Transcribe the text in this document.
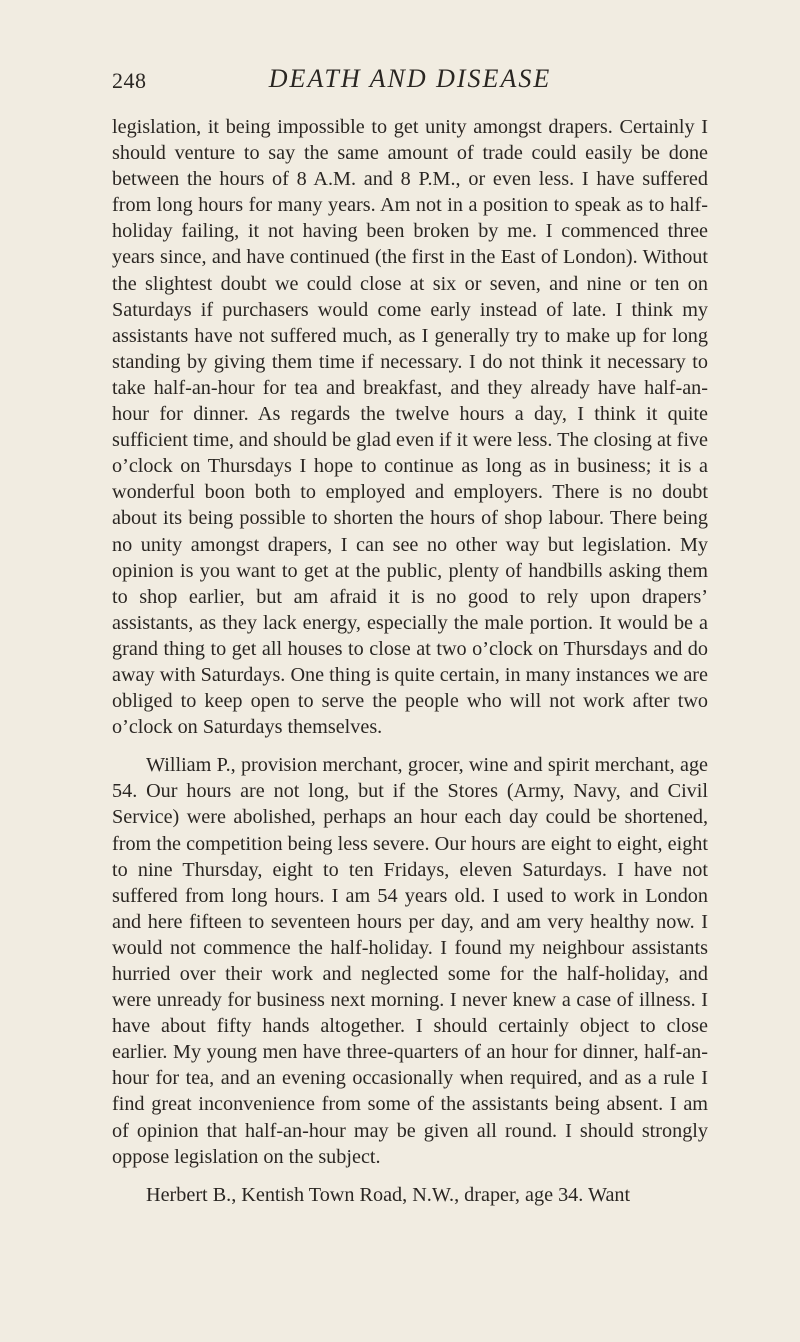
248	DEATH AND DISEASE

legislation, it being impossible to get unity amongst drapers. Certainly I should venture to say the same amount of trade could easily be done between the hours of 8 A.M. and 8 P.M., or even less. I have suffered from long hours for many years. Am not in a position to speak as to half-holiday failing, it not having been broken by me. I commenced three years since, and have continued (the first in the East of London). Without the slightest doubt we could close at six or seven, and nine or ten on Saturdays if purchasers would come early instead of late. I think my assistants have not suffered much, as I generally try to make up for long standing by giving them time if necessary. I do not think it necessary to take half-an-hour for tea and breakfast, and they already have half-an-hour for dinner. As regards the twelve hours a day, I think it quite sufficient time, and should be glad even if it were less. The closing at five o’clock on Thursdays I hope to continue as long as in business; it is a wonderful boon both to employed and employers. There is no doubt about its being possible to shorten the hours of shop labour. There being no unity amongst drapers, I can see no other way but legislation. My opinion is you want to get at the public, plenty of handbills asking them to shop earlier, but am afraid it is no good to rely upon drapers’ assistants, as they lack energy, especially the male portion. It would be a grand thing to get all houses to close at two o’clock on Thursdays and do away with Saturdays. One thing is quite certain, in many instances we are obliged to keep open to serve the people who will not work after two o’clock on Saturdays themselves.

William P., provision merchant, grocer, wine and spirit merchant, age 54. Our hours are not long, but if the Stores (Army, Navy, and Civil Service) were abolished, perhaps an hour each day could be shortened, from the competition being less severe. Our hours are eight to eight, eight to nine Thursday, eight to ten Fridays, eleven Saturdays. I have not suffered from long hours. I am 54 years old. I used to work in London and here fifteen to seventeen hours per day, and am very healthy now. I would not commence the half-holiday. I found my neighbour assistants hurried over their work and neglected some for the half-holiday, and were unready for business next morning. I never knew a case of illness. I have about fifty hands altogether. I should certainly object to close earlier. My young men have three-quarters of an hour for dinner, half-an-hour for tea, and an evening occasionally when required, and as a rule I find great inconvenience from some of the assistants being absent. I am of opinion that half-an-hour may be given all round. I should strongly oppose legislation on the subject.

Herbert B., Kentish Town Road, N.W., draper, age 34. Want
